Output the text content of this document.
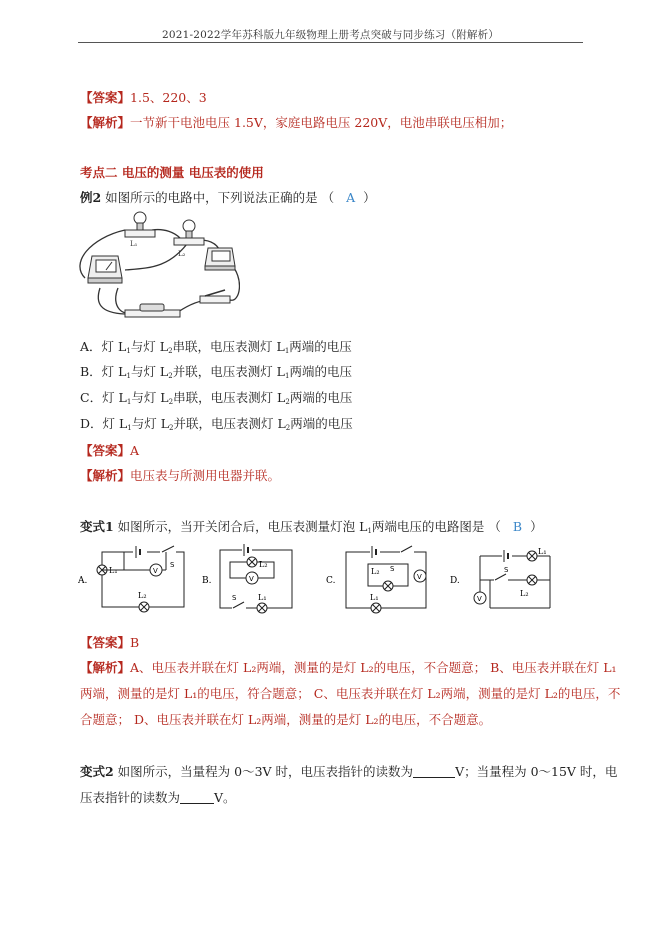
2021-2022学年苏科版九年级物理上册考点突破与同步练习（附解析）
【答案】1.5、220、3
【解析】一节新干电池电压 1.5V，家庭电路电压 220V，电池串联电压相加；
考点二 电压的测量 电压表的使用
例2 如图所示的电路中，下列说法正确的是 （ A ）
L₁
L₂
A．灯 $L_1$与灯 $L_2$串联，电压表测灯 $L_1$两端的电压
B．灯 $L_1$与灯 $L_2$并联，电压表测灯 $L_1$两端的电压
C．灯 $L_1$与灯 $L_2$串联，电压表测灯 $L_2$两端的电压
D．灯 $L_1$与灯 $L_2$并联，电压表测灯 $L_2$两端的电压
【答案】A
【解析】电压表与所测用电器并联。
变式1 如图所示，当开关闭合后，电压表测量灯泡 $L_1$两端电压的电路图是 （ B ）
A.
L₁	V
S
L₂
B.
L₂
V
S	L₁
C.
L₂ S
V
L₁
D.
L₁
S
V
L₂
【答案】B
【解析】A、电压表并联在灯 L₂两端，测量的是灯 L₂的电压，不合题意； B、电压表并联在灯 L₁
两端，测量的是灯 L₁的电压，符合题意； C、电压表并联在灯 L₂两端，测量的是灯 L₂的电压，不
合题意； D、电压表并联在灯 L₂两端，测量的是灯 L₂的电压，不合题意。
变式2 如图所示，当量程为 0～3V 时，电压表指针的读数为	V；当量程为 0～15V 时，电
压表指针的读数为	V。
